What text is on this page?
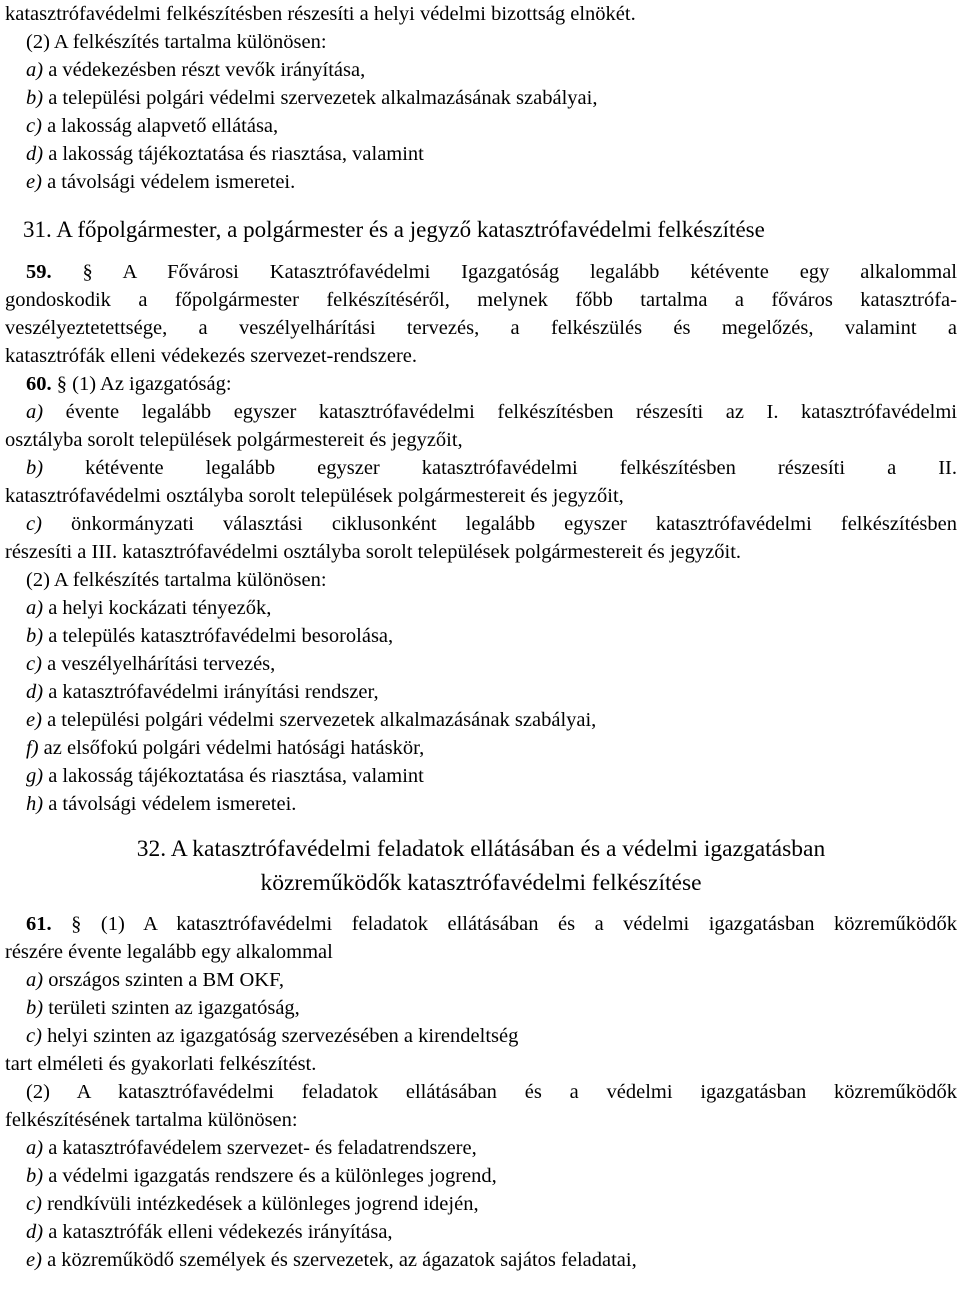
katasztrófavédelmi felkészítésben részesíti a helyi védelmi bizottság elnökét.
(2) A felkészítés tartalma különösen:
a) a védekezésben részt vevők irányítása,
b) a települési polgári védelmi szervezetek alkalmazásának szabályai,
c) a lakosság alapvető ellátása,
d) a lakosság tájékoztatása és riasztása, valamint
e) a távolsági védelem ismeretei.
31. A főpolgármester, a polgármester és a jegyző katasztrófavédelmi felkészítése
59. § A Fővárosi Katasztrófavédelmi Igazgatóság legalább kétévente egy alkalommal
gondoskodik a főpolgármester felkészítéséről, melynek főbb tartalma a főváros katasztrófa-
veszélyeztetettsége, a veszélyelhárítási tervezés, a felkészülés és megelőzés, valamint a
katasztrófák elleni védekezés szervezet-rendszere.
60. § (1) Az igazgatóság:
a) évente legalább egyszer katasztrófavédelmi felkészítésben részesíti az I. katasztrófavédelmi
osztályba sorolt települések polgármestereit és jegyzőit,
b) kétévente legalább egyszer katasztrófavédelmi felkészítésben részesíti a II.
katasztrófavédelmi osztályba sorolt települések polgármestereit és jegyzőit,
c) önkormányzati választási ciklusonként legalább egyszer katasztrófavédelmi felkészítésben
részesíti a III. katasztrófavédelmi osztályba sorolt települések polgármestereit és jegyzőit.
(2) A felkészítés tartalma különösen:
a) a helyi kockázati tényezők,
b) a település katasztrófavédelmi besorolása,
c) a veszélyelhárítási tervezés,
d) a katasztrófavédelmi irányítási rendszer,
e) a települési polgári védelmi szervezetek alkalmazásának szabályai,
f) az elsőfokú polgári védelmi hatósági hatáskör,
g) a lakosság tájékoztatása és riasztása, valamint
h) a távolsági védelem ismeretei.
32. A katasztrófavédelmi feladatok ellátásában és a védelmi igazgatásban
közreműködők katasztrófavédelmi felkészítése
61. § (1) A katasztrófavédelmi feladatok ellátásában és a védelmi igazgatásban közreműködők
részére évente legalább egy alkalommal
a) országos szinten a BM OKF,
b) területi szinten az igazgatóság,
c) helyi szinten az igazgatóság szervezésében a kirendeltség
tart elméleti és gyakorlati felkészítést.
(2) A katasztrófavédelmi feladatok ellátásában és a védelmi igazgatásban közreműködők
felkészítésének tartalma különösen:
a) a katasztrófavédelem szervezet- és feladatrendszere,
b) a védelmi igazgatás rendszere és a különleges jogrend,
c) rendkívüli intézkedések a különleges jogrend idején,
d) a katasztrófák elleni védekezés irányítása,
e) a közreműködő személyek és szervezetek, az ágazatok sajátos feladatai,
